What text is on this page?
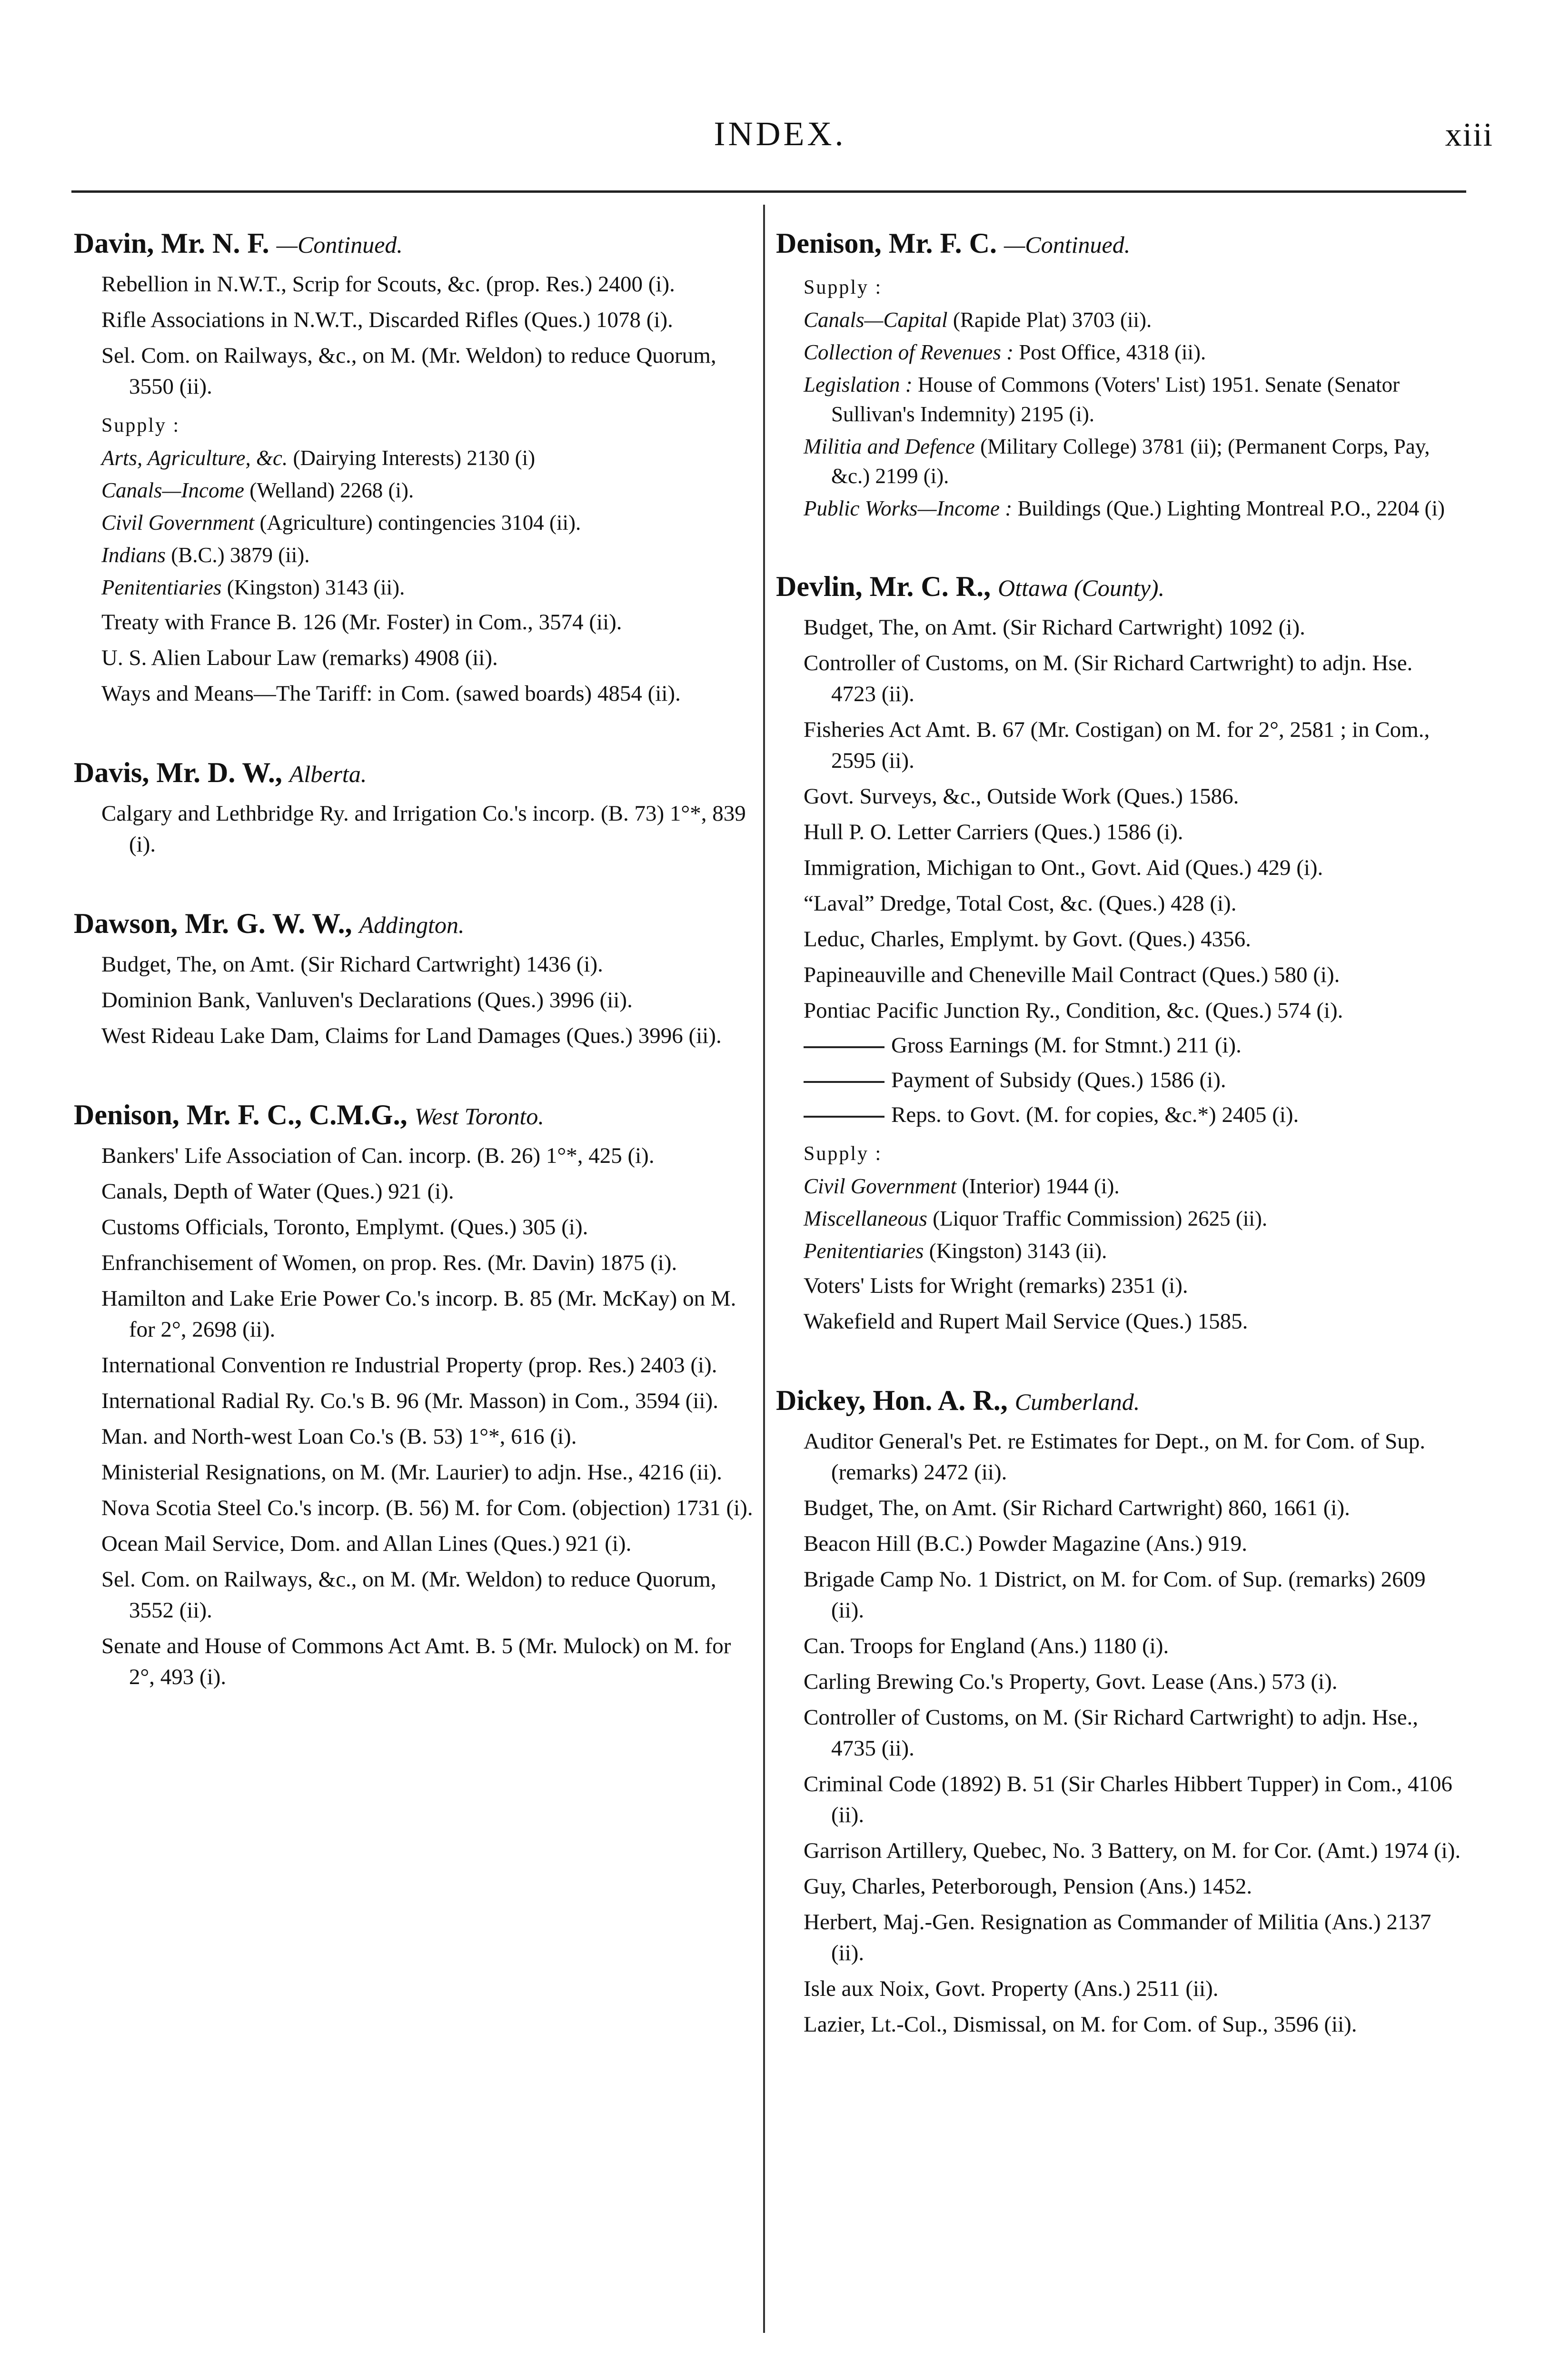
INDEX.	xiii

Davin, Mr. N. F. —Continued.

Rebellion in N.W.T., Scrip for Scouts, &c. (prop. Res.) 2400 (i).

Rifle Associations in N.W.T., Discarded Rifles (Ques.) 1078 (i).

Sel. Com. on Railways, &c., on M. (Mr. Weldon) to reduce Quorum, 3550 (ii).

Supply :

Arts, Agriculture, &c. (Dairying Interests) 2130 (i)

Canals—Income (Welland) 2268 (i).

Civil Government (Agriculture) contingencies 3104 (ii).

Indians (B.C.) 3879 (ii).

Penitentiaries (Kingston) 3143 (ii).

Treaty with France B. 126 (Mr. Foster) in Com., 3574 (ii).

U. S. Alien Labour Law (remarks) 4908 (ii).

Ways and Means—The Tariff: in Com. (sawed boards) 4854 (ii).

Davis, Mr. D. W., Alberta.

Calgary and Lethbridge Ry. and Irrigation Co.'s incorp. (B. 73) 1°*, 839 (i).

Dawson, Mr. G. W. W., Addington.

Budget, The, on Amt. (Sir Richard Cartwright) 1436 (i).

Dominion Bank, Vanluven's Declarations (Ques.) 3996 (ii).

West Rideau Lake Dam, Claims for Land Damages (Ques.) 3996 (ii).

Denison, Mr. F. C., C.M.G., West Toronto.

Bankers' Life Association of Can. incorp. (B. 26) 1°*, 425 (i).

Canals, Depth of Water (Ques.) 921 (i).

Customs Officials, Toronto, Emplymt. (Ques.) 305 (i).

Enfranchisement of Women, on prop. Res. (Mr. Davin) 1875 (i).

Hamilton and Lake Erie Power Co.'s incorp. B. 85 (Mr. McKay) on M. for 2°, 2698 (ii).

International Convention re Industrial Property (prop. Res.) 2403 (i).

International Radial Ry. Co.'s B. 96 (Mr. Masson) in Com., 3594 (ii).

Man. and North-west Loan Co.'s (B. 53) 1°*, 616 (i).

Ministerial Resignations, on M. (Mr. Laurier) to adjn. Hse., 4216 (ii).

Nova Scotia Steel Co.'s incorp. (B. 56) M. for Com. (objection) 1731 (i).

Ocean Mail Service, Dom. and Allan Lines (Ques.) 921 (i).

Sel. Com. on Railways, &c., on M. (Mr. Weldon) to reduce Quorum, 3552 (ii).

Senate and House of Commons Act Amt. B. 5 (Mr. Mulock) on M. for 2°, 493 (i).

Denison, Mr. F. C. —Continued.

Supply :

Canals—Capital (Rapide Plat) 3703 (ii).

Collection of Revenues : Post Office, 4318 (ii).

Legislation : House of Commons (Voters' List) 1951. Senate (Senator Sullivan's Indemnity) 2195 (i).

Militia and Defence (Military College) 3781 (ii); (Permanent Corps, Pay, &c.) 2199 (i).

Public Works—Income : Buildings (Que.) Lighting Montreal P.O., 2204 (i)

Devlin, Mr. C. R., Ottawa (County).

Budget, The, on Amt. (Sir Richard Cartwright) 1092 (i).

Controller of Customs, on M. (Sir Richard Cartwright) to adjn. Hse. 4723 (ii).

Fisheries Act Amt. B. 67 (Mr. Costigan) on M. for 2°, 2581 ; in Com., 2595 (ii).

Govt. Surveys, &c., Outside Work (Ques.) 1586.

Hull P. O. Letter Carriers (Ques.) 1586 (i).

Immigration, Michigan to Ont., Govt. Aid (Ques.) 429 (i).

“Laval” Dredge, Total Cost, &c. (Ques.) 428 (i).

Leduc, Charles, Emplymt. by Govt. (Ques.) 4356.

Papineauville and Cheneville Mail Contract (Ques.) 580 (i).

Pontiac Pacific Junction Ry., Condition, &c. (Ques.) 574 (i).

Gross Earnings (M. for Stmnt.) 211 (i).

Payment of Subsidy (Ques.) 1586 (i).

Reps. to Govt. (M. for copies, &c.*) 2405 (i).

Supply :

Civil Government (Interior) 1944 (i).

Miscellaneous (Liquor Traffic Commission) 2625 (ii).

Penitentiaries (Kingston) 3143 (ii).

Voters' Lists for Wright (remarks) 2351 (i).

Wakefield and Rupert Mail Service (Ques.) 1585.

Dickey, Hon. A. R., Cumberland.

Auditor General's Pet. re Estimates for Dept., on M. for Com. of Sup. (remarks) 2472 (ii).

Budget, The, on Amt. (Sir Richard Cartwright) 860, 1661 (i).

Beacon Hill (B.C.) Powder Magazine (Ans.) 919.

Brigade Camp No. 1 District, on M. for Com. of Sup. (remarks) 2609 (ii).

Can. Troops for England (Ans.) 1180 (i).

Carling Brewing Co.'s Property, Govt. Lease (Ans.) 573 (i).

Controller of Customs, on M. (Sir Richard Cartwright) to adjn. Hse., 4735 (ii).

Criminal Code (1892) B. 51 (Sir Charles Hibbert Tupper) in Com., 4106 (ii).

Garrison Artillery, Quebec, No. 3 Battery, on M. for Cor. (Amt.) 1974 (i).

Guy, Charles, Peterborough, Pension (Ans.) 1452.

Herbert, Maj.-Gen. Resignation as Commander of Militia (Ans.) 2137 (ii).

Isle aux Noix, Govt. Property (Ans.) 2511 (ii).

Lazier, Lt.-Col., Dismissal, on M. for Com. of Sup., 3596 (ii).
